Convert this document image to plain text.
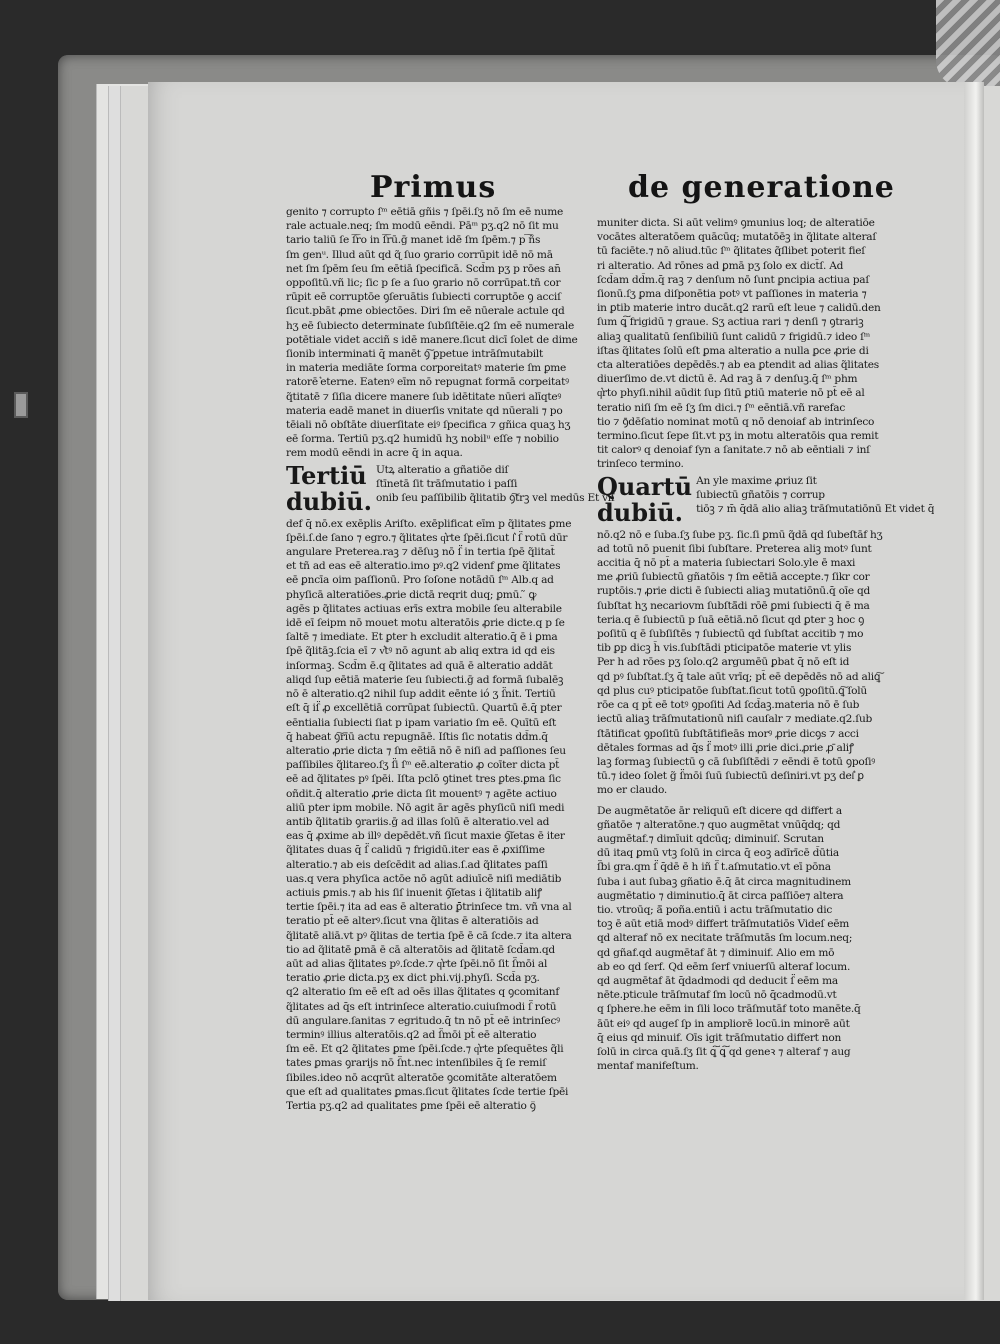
Primus	de generatione
genito ⁊ corrupto ſᵐ eētiā gñis ⁊ ſpēi.ſʒ nō ſm eē nume
rale actuale.neq; ſm modū eēndi. Pāᵐ pʒ.q2 nō ſit mu
tario taliū ſe ſ͠ro in ſ͠rū.ḡ manet idē ſm ſpēm.⁊ p ͠ñs
ſm genᵘ. Illud aūt qd ɋ̃ ſuo ꝯrario corrūpit idē nō mā
net ſm ſpēm ſeu ſm eētiā ſpecificā. Scd̄m pʒ p rōes an̄
oppoſitū.vñ lic; ſic p ſe a ſuo ꝯrario nō corrūpat.tñ cor
rūpit eē corruptōe ꝯſeruātis ſubiecti corruptōe ꝯ acciſ
ſicut.pbāt ꝓme obiectōes. Diri ſm eē nūerale actule qd
hʒ eē ſubiecto determinate ſubſiſtēie.q2 ſm eē numerale
potētiale videt acciñ s idē manere.ſicut dicī ſolet de dime
ſionib interminati q̄ manēt ꝯ͠ ꝑpetue intrāſmutabilt
in materia mediāte ſorma corporeitatꝰ materie ſm ꝑme
ratorē ͛eterne. Eatenꝰ eīm nō repugnat formā corpeitatꝰ
q̃titatē ⁊ ſiſia dicere manere ſub idētitate nūeri alīqteꝰ
materia eadē manet in diuerſis vnitate qd nūerali ⁊ po
tēiali nō obſtāte diuerſitate eiꝰ ſpecifica ⁊ gñica quaʒ hʒ
eē ſorma. Tertiū pʒ.q2 humidū hʒ nobilᵘ eſſe ⁊ nobilio
rem modū eēndi in acre q̄ in aqua.
Tertiū dubiū.
Utꝝ alteratio a gñatiōe diſ
ſtīnetā ſit trāſmutatio i paſſi
onib ſeu paſſibilib q̃litatib ꝯ͠trꝫ vel medūs Et viſ
def q̄ nō.ex exēplis Ariſto. exēplificat eīm p q̃litates ꝑme
ſpēi.ſ.de ſano ⁊ egro.⁊ q̃litates q͛rte ſpēi.ſicut ſ͛ ſ̈ rotū dūr
angulare Preterea.raꝫ ⁊ dēſuꝫ nō ſ̈ in tertia ſpē q̃litat̄
et tñ ad eas eē alteratio.imo pꝰ.q2 videnf ꝑme q̃litates
eē ꝑncīa oim paſſionū. Pro ſoſone notādū ſᵐ Alb.q ad
phyſicā alteratiōes.ꝓrie dictā reqrit duq; ꝑmū. ̃ ꝙ
agēs p q̃litates actiuas erīs extra mobile ſeu alterabile
idē eī ſeipm nō mouet motu alteratōis ꝓrie dicte.q p ſe
ſaltē ⁊ imediate. Et ꝑter h excludit alteratio.q̄ ē i ꝑma
ſpē q̃litāꝫ.ſcia eī ⁊ v͛tꝰ nō agunt ab aliq extra id qd eis
inſormaꝫ. Scd̄m ē.q q̃litates ad quā ē alteratio addāt
aliqd ſup eētiā materie ſeu ſubiecti.ḡ ad formā ſubalēꝫ
nō ē alteratio.q2 nihil ſup addit eēnte ió ʒ ſ̈nit. Tertiū
eſt q̄ iſ̈ ꝓ excellētiā corrūpat ſubiectū. Quartū ē.q̄ pter
eēntialia ſubiecti ſiat p ipam variatio ſm eē. Quītū eſt
q̄ habeat ꝯ͠rīū actu repugnāē. Iſtis ſic notatis dd̄m.q̄
alteratio ꝓrie dicta ⁊ ſm eētiā nō ē niſi ad paſſiones ſeu
paſſibiles q̃litareo.ſʒ ſ̈i ſᵐ eē.alteratio ꝓ coīter dicta pt̄
eē ad q̃litates pꝰ ſpēi. Iſta pclō ꝯtinet tres ꝑtes.ꝑma ſic
oñdit.q̄ alteratio ꝓrie dicta ſit mouentꝰ ⁊ agēte actiuo
aliū pter ipm mobile. Nō agit ār agēs phyſicū niſi medi
antib q̃litatib ꝯrariis.ḡ ad illas ſolū ē alteratio.vel ad
eas q̄ ꝓxime ab illꝰ depēdēt.vñ ſicut maxie ꝯ͠ietas ē iter
q̃litates duas q̄ ſ̈ calidū ⁊ frigidū.iter eas ē ꝓxiſſime
alteratio.⁊ ab eis deſcēdit ad alias.ſ.ad q̃litates paſſi
uas.q vera phyſica actōe nō agūt adiuīcē niſi mediātib
actiuis ꝑmis.⁊ ab his ſiſ inuenit ꝯ͠ietas i q̃litatib aliꝭ
tertie ſpēi.⁊ ita ad eas ē alteratio ꝑ̄trinſece tm. vñ vna al
teratio pt̄ eē alterꝰ.ſicut vna q̃litas ē alteratiōis ad
q̃litatē aliā.vt pꝰ q̃litas de tertia ſpē ē cā ſcde.⁊ ita altera
tio ad q̃litatē ꝑmā ē cā alteratōis ad q̃litatē ſcd̄am.qd
aūt ad alias q̃litates pꝰ.ſcde.⁊ q͛rte ſpēi.nō ſit ſ̈mōi al
teratio ꝓrie dicta.pʒ ex dict phi.vij.phyſi. Scd̄a pʒ.
q2 alteratio ſm eē eſt ad oēs illas q̃litates q ꝯcomitanf
q̃litates ad q̄s eſt intrinſece alteratio.cuiuſmodi ſ̈ rotū
dū angulare.ſanitas ⁊ egritudo.q̄ tn nō pt̄ eē intrinſecꝰ
terminꝰ illius alteratōis.q2 ad ſ̈mōi pt̄ eē alteratio
ſm eē. Et q2 q̃litates ꝑme ſpēi.ſcde.⁊ q͛rte pſequētes q̃li
tates ꝑmas ꝯrarijs nō ſ̈nt.nec intenſibiles q̄ ſe remiſ
ſibiles.ideo nō acqrūt alteratōe ꝯcomitāte alteratōem
que eſt ad qualitates ꝑmas.ſicut q̃litates ſcde tertie ſpēi
Tertia pʒ.q2 ad qualitates ꝑme ſpēi eē alteratio ꝯ̈
muniter dicta. Si aūt velimꝰ ꝯmunius loq; de alteratiōe
vocātes alteratōem quācūq; mutatōēꝫ in q̃litate alteraſ
tū faciēte.⁊ nō aliud.tūc ſᵐ q̃litates q̃ſlibet poterit fieſ
ri alteratio. Ad rōnes ad ꝑmā pʒ ſolo ex dict̄ſ. Ad
ſcd̄am dd̄m.q̄ raꝫ ⁊ denſum nō ſunt ꝑncipia actiua paſ
ſionū.ſʒ ꝑma diſponētia potꝰ vt paſſiones in materia ⁊
in ꝑtib materie intro ducāt.q2 rarū eſt leue ⁊ calidū.den
ſum ꝗ͠ frigidū ⁊ graue. Sʒ actiua rari ⁊ denſi ⁊ ꝯtrariꝫ
aliaꝫ qualitatū ſenſibiliū ſunt calidū ⁊ frigidū.⁊ ideo ſᵐ
iſtas q̃litates ſolū eſt ꝑma alteratio a nulla ꝑce ꝓrie di
cta alteratiōes depēdēs.⁊ ab ea ꝑtendit ad alias q̃litates
diuerſimo de.vt dictū ē. Ad raꝫ ā ⁊ denſuꝫ.q̄ ſᵐ phm
q͛rto phyſi.nihil aūdit ſup ſitū ꝑtiū materie nō pt̄ eē al
teratio niſi ſm eē ſʒ ſm dici.⁊ ſᵐ eēntiā.vñ rarefac
tio ⁊ ꝯ̄dēſatio nominat motū q nō denoiaf ab intrinſeco
termino.ſicut ſepe ſit.vt pʒ in motu alteratōis qua remit
tit calorꝰ q denoiaf ſyn a ſanitate.⁊ nō ab eēntiali ⁊ inſ
trinſeco termino.
Quartū dubiū.
An yle maxime ꝓriuz ſit
ſubiectū gñatōis ⁊ corrup
tiōꝫ ⁊ m̄ q̄dā alio aliaꝫ trāſmutatiōnū Et videt q̄
nō.q2 nō e ſuba.ſʒ ſube pʒ. ſic.ſi ꝑmū q̃dā qd ſubeſtāf hʒ
ad totū nō puenit ſibi ſubſtare. Preterea aliꝫ motꝰ ſunt
accitia q̄ nō pt̄ a materia ſubiectari Solo.yle ē maxi
me ꝓriū ſubiectū gñatōis ⁊ ſm eētiā accepte.⁊ ſikr cor
ruptōis.⁊ ꝓrie dicti ē ſubiecti aliaꝫ mutatiōnū.q̄ oīe qd
ſubſtat hʒ necariovm ſubſtā̈di rōē ꝑmi ſubiecti q̄ ē ma
teria.q ē ſubiectū p ſuā eētiā.nō ſicut qd ꝑter ꝫ hoc ꝯ
poſitū q ē ſubſiſtēs ⁊ ſubiectū qd ſubſtat accitib ⁊ mo
tib ꝑp dicꝫ h̄ vis.ſubſtādi pticipatōe materie vt ylis
Per h ad rōes pʒ ſolo.q2 argumēū ꝑbat q̄ nō eſt id
qd pꝰ ſubſtat.ſʒ q̄ tale aūt vrīq; pt̄ eē depēdēs nō ad aliꝗ͠
qd plus cuꝰ pticipatōe ſubſtat.ſicut totū ꝯpoſitū.ꝗ͠ ſolū
rōe ca q pt̄ eē totꝰ ꝯpoſiti Ad ſcd̄aꝫ.materia nō ē ſub
iectū aliaꝫ trāſmutationū niſi cauſalr ⁊ mediate.q2.ſub
ſtātificat ꝯpoſitū ſubſtātifieās morꝰ ꝓrie dicꝯs ⁊ acci
dētales formas ad q̄s ſ̈ motꝰ illi ꝓrie dici.ꝓrie ꝓ̄ aliꝭ
laꝫ formaꝫ ſubiectū ꝯ cā ſubſiſtēdi ⁊ eēndi ē totū ꝯpoſiꝰ
tū.⁊ ideo ſolet g̃ ſ̈mōi ſuū ſubiectū deſiniri.vt pʒ deſ͛ ꝑ
mo er claudo.
De augmētatōe ār reliquū eſt dicere qd differt a
gñatōe ⁊ alteratōne.⁊ quo augmētat vnūq̄dq; qd
augmētaf.⁊ dimīuit qdcūq; diminuiſ. Scrutan
dū itaq ꝑmū vtꝫ ſolū in circa q̄ eoꝫ adīrīcē d̄ūtia
ſ̈bi gra.qm ſ̈ q̄dē ē h iñ ſ̈ t.aſmutatio.vt eī pōna
ſuba i aut ſubaꝫ gñatio ē.q̄ āt circa magnitudinem
augmētatio ⁊ diminutio.q̄ āt circa paſſiōe⁊ altera
tio. vtroūq; ā̈ poña.entiū i actu trāſmutatio dic
toꝫ ē aūt etiā modꝰ differt trāſmutatiōs Videſ eēm
qd alteraf nō ex necitate trāſmutās ſm locum.neq;
qd gñaf.qd augmētaf āt ⁊ diminuif. Alio em mō
ab eo qd ſerf. Qd eēm ſerf vniuerſū alteraf locum.
qd augmētaf āt q̄dadmodi qd deducit ſ̈ eēm ma
nēte.pticule trāſmutaf ſm locū nō q̄cadmodū.vt
q ſphere.he eēm in ſili loco trāſmutāf toto manēte.q̄
āūt eiꝰ qd augeſ ſp in ampliorē locū.in minorē aūt
q̄ eius qd minuif. Oīs igit trāſmutatio differt non
ſolū in circa quā.ſʒ ſit ꝗ͠ ꝗ͠ qd geneꝛ ⁊ alteraf ⁊ aug
mentaf manifeſtum.
